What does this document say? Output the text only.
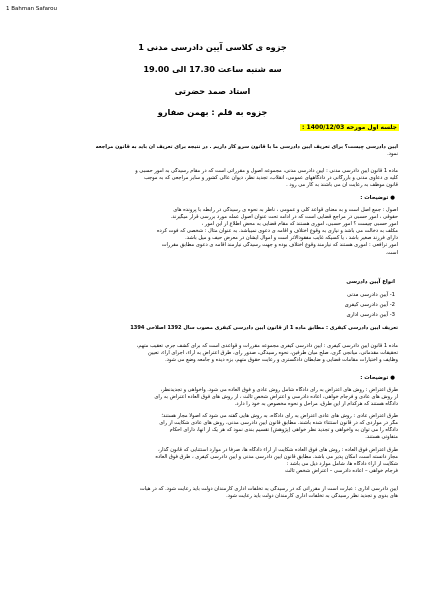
1 Bahman Safarou
جزوه ی کلاسی آیین دادرسی مدنی 1
سه شنبه ساعت 17.30 الی 19.00
استاد صمد حضرتی
جزوه به قلم : بهمن صفارو
جلسه اول مورخه 1400/12/03 :
آیین دادرسی چیست؟ برای تعریف آیین دادرسی ما با قانون سرو کار داریم . در نتیجه برای تعریف آن باید به قانون مراجعه
نمود.
ماده 1 قانون آیین دادرسی مدنی : آیین دادرسی مدنی، مجموعه اصول و مقرراتی است که در مقام رسیدگی به امور حسبی و
کلیه ی دعاوی مدنی و بازرگانی در دادگاههای عمومی، انقلاب، تجدید نظر، دیوان عالی کشور و سایر مراجعی که به موجب
قانون موظف به رعایت آن می باشند به کار می رود .
● توضیحات :
اصول : جمع اصل است و به معنای قواعد کلی و عمومی ، ناظر به نحوه ی رسیدگی در رابطه با پرونده های
حقوقی ، امور حسبی در مراجع قضایی است که در ادامه تحت عنوان اصول عمله مورد بررسی قرار میگیرند.
امور حسبی چیست ؟ امور حسبی، اموری هستند که مقام قضایی به محض اطلاع از این امور ،
مکلف به دخالت می باشد و نیازی به وقوع اختلاف و اقامه ی دعوی نمیباشد. به عنوان مثال : شخصی که فوت کرده
دارای فرزند صغیر باشد ، یا کسیکه غایب مفقودالاثر است و اموال ایشان در معرض حیف و میل باشد.
امور ترافعی : اموری هستند که نیازمند وقوع اختلاف بوده و جهت رسیدگی نیازمند اقامه ی دعوی مطابق مقررات
است.
انواع آیین دادرسی
1- آیین دادرسی مدنی
2- آیین دادرسی کیفری
3- آیین دادرسی اداری
تعریف آیین دادرسی کیفری : مطابق ماده 1 از قانون آیین دادرسی کیفری مصوب سال 1392 اصلاحی 1394
ماده 1 قانون آیین دادرسی کیفری : آیین دادرسی کیفری مجموعه مقررات و قواعدی است که برای کشف جرم، تعقیب متهم،
تحقیقات مقدماتی، میانجی گری، صلح میان طرفین، نحوه رسیدگی، صدور رای، طرق اعتراض به آراء، اجرای آراء، تعیین
وظایف و اختیارات مقامات قضایی و ضابطان دادگستری و رعایت حقوق متهم، بزه دیده و جامعه وضع می شود.
● توضیحات :
طرق اعتراض : روش های اعتراض به رای دادگاه شامل روش عادی و فوق العاده می شود. واخواهی و تجدیدنظر،
از روش های عادی و فرجام خواهی، اعاده دادرسی و اعتراض شخص ثالث ، از روش های فوق العاده اعتراض به رای
دادگاه هستند که هرکدام از این طرق، مراحل و نحوه مخصوص به خود را دارد.
طرق اعتراض عادی : روش های عادی اعتراض به رای دادگاه، به روش هایی گفته می شود که اصولا مجاز هستند؛
مگر در مواردی که در قانون استثناء شده باشند. مطابق قانون آیین دادرسی مدنی، روش های عادی شکایت از رای
دادگاه را می توان به واخواهی و تجدید نظر خواهی (پژوهش) تقسیم بندی نمود که هر یک از آنها، دارای احکام
متفاوتی هستند.
طرق اعتراض فوق العاده : روش های فوق العاده شکایت از آراء دادگاه ها، صرفاً در موارد استثنایی که قانون گذار،
مجاز دانسته است، امکان پذیر می باشد. مطابق قانون آیین دادرسی مدنی و آیین دادرسی کیفری ، طرق فوق العاده
شکایت از آراء دادگاه ها، شامل موارد ذیل می باشد :
فرجام خواهی – اعاده دادرسی – اعتراض شخص ثالث
آیین دادرسی اداری : عبارت است از مقرراتی که در رسیدگی به تخلفات اداری کارمندان دولت باید رعایت شود. که در هیات
های بدوی و تجدید نظر رسیدگی به تخلفات اداری کارمندان دولت باید رعایت شود.
